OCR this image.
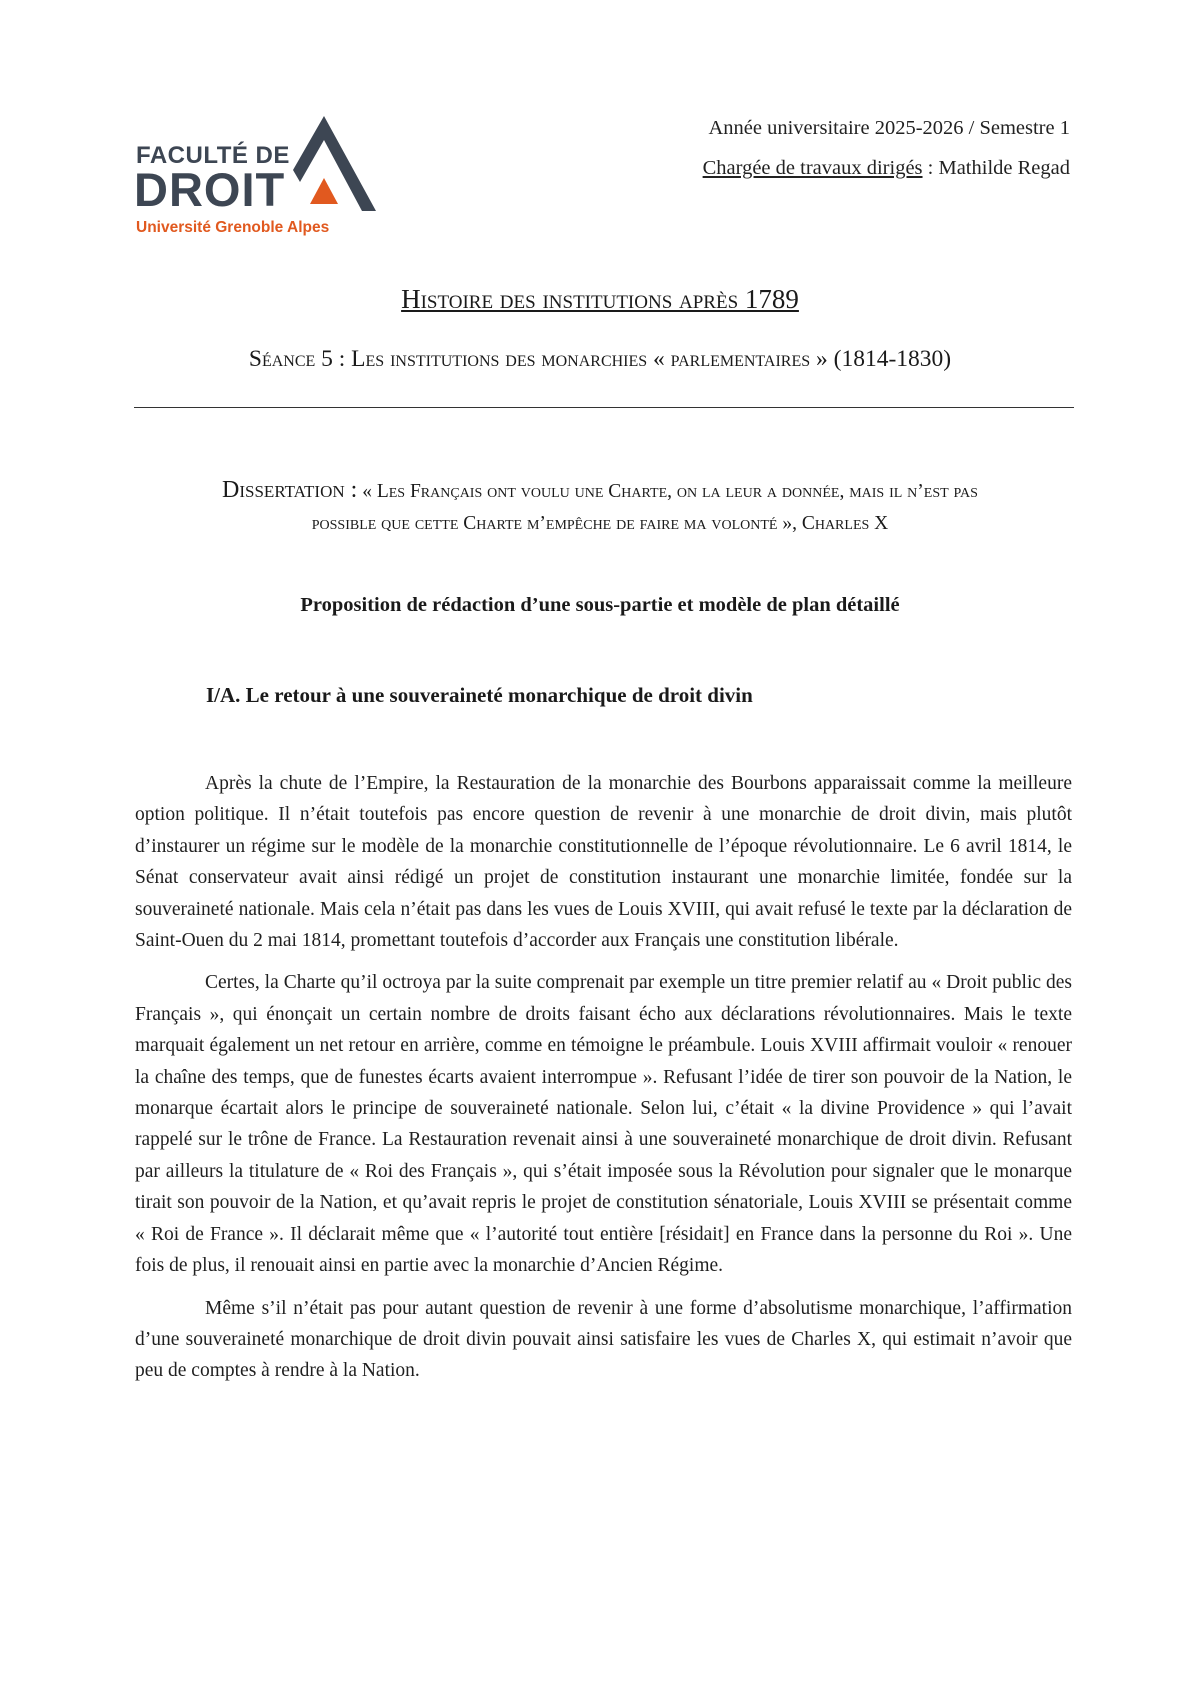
FACULTÉ DE
DROIT
Université Grenoble Alpes
Année universitaire 2025-2026 / Semestre 1
Chargée de travaux dirigés : Mathilde Regad
Histoire des institutions après 1789
Séance 5 : Les institutions des monarchies « parlementaires » (1814-1830)
Dissertation : « Les Français ont voulu une Charte, on la leur a donnée, mais il n’est pas
possible que cette Charte m’empêche de faire ma volonté », Charles X
Proposition de rédaction d’une sous-partie et modèle de plan détaillé
I/A. Le retour à une souveraineté monarchique de droit divin

Après la chute de l’Empire, la Restauration de la monarchie des Bourbons apparaissait comme la meilleure option politique. Il n’était toutefois pas encore question de revenir à une monarchie de droit divin, mais plutôt d’instaurer un régime sur le modèle de la monarchie constitutionnelle de l’époque révolutionnaire. Le 6 avril 1814, le Sénat conservateur avait ainsi rédigé un projet de constitution instaurant une monarchie limitée, fondée sur la souveraineté nationale. Mais cela n’était pas dans les vues de Louis XVIII, qui avait refusé le texte par la déclaration de Saint-Ouen du 2 mai 1814, promettant toutefois d’accorder aux Français une constitution libérale.

Certes, la Charte qu’il octroya par la suite comprenait par exemple un titre premier relatif au « Droit public des Français », qui énonçait un certain nombre de droits faisant écho aux déclarations révolutionnaires. Mais le texte marquait également un net retour en arrière, comme en témoigne le préambule. Louis XVIII affirmait vouloir « renouer la chaîne des temps, que de funestes écarts avaient interrompue ». Refusant l’idée de tirer son pouvoir de la Nation, le monarque écartait alors le principe de souveraineté nationale. Selon lui, c’était « la divine Providence » qui l’avait rappelé sur le trône de France. La Restauration revenait ainsi à une souveraineté monarchique de droit divin. Refusant par ailleurs la titulature de « Roi des Français », qui s’était imposée sous la Révolution pour signaler que le monarque tirait son pouvoir de la Nation, et qu’avait repris le projet de constitution sénatoriale, Louis XVIII se présentait comme « Roi de France ». Il déclarait même que « l’autorité tout entière [résidait] en France dans la personne du Roi ». Une fois de plus, il renouait ainsi en partie avec la monarchie d’Ancien Régime.

Même s’il n’était pas pour autant question de revenir à une forme d’absolutisme monarchique, l’affirmation d’une souveraineté monarchique de droit divin pouvait ainsi satisfaire les vues de Charles X, qui estimait n’avoir que peu de comptes à rendre à la Nation.
